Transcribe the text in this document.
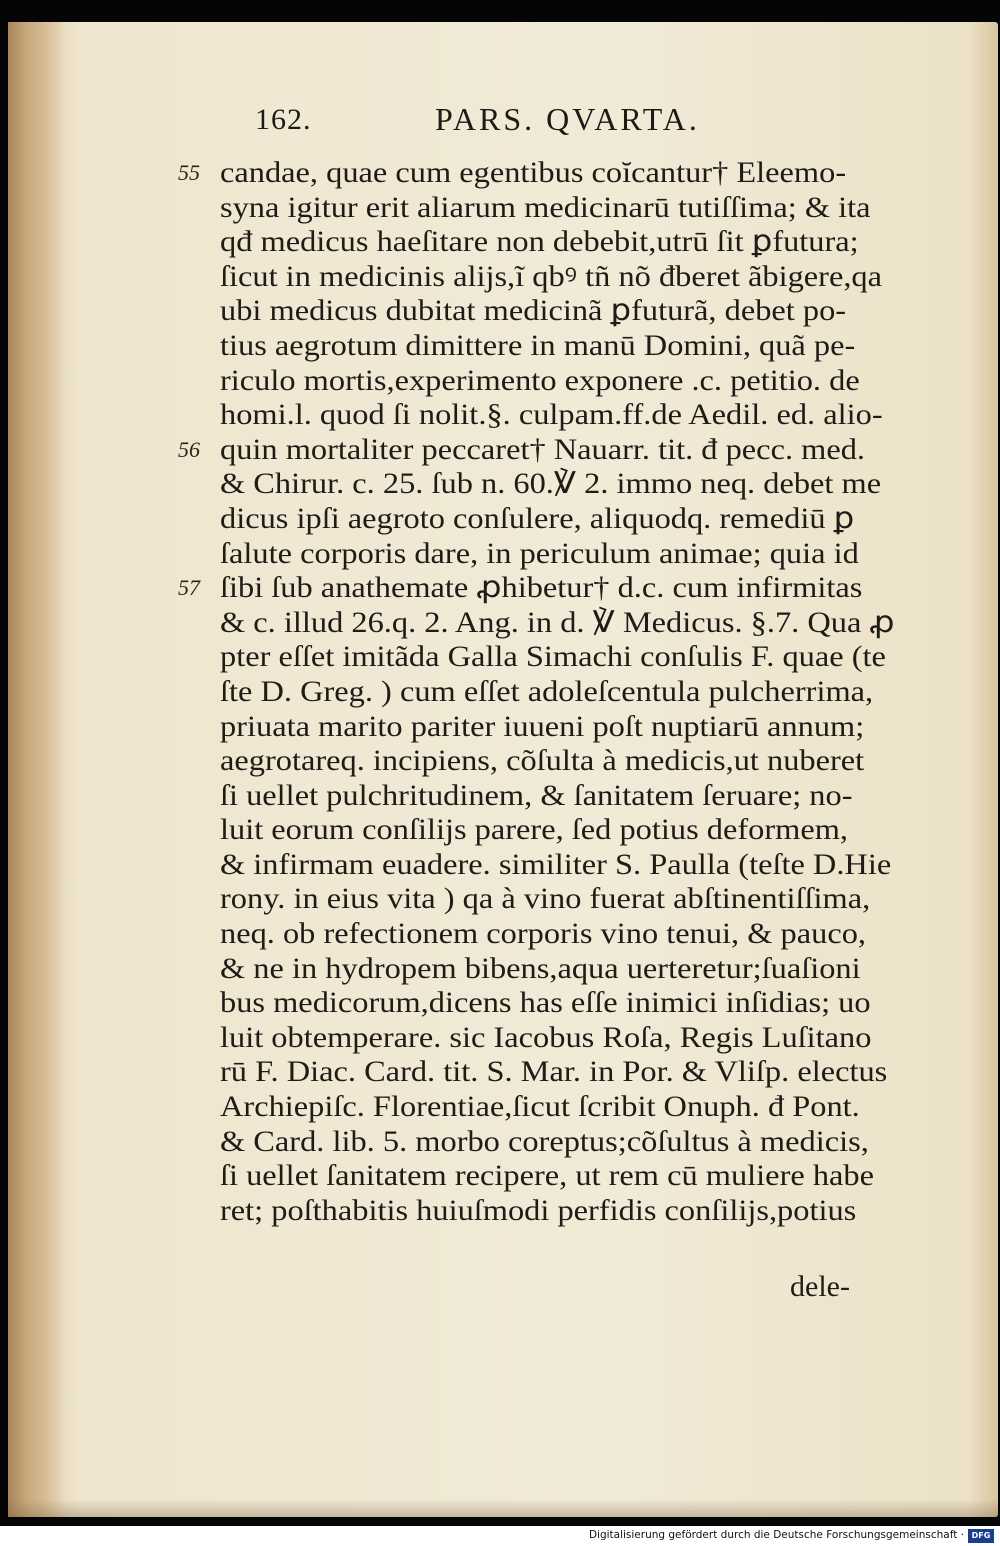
162.	PARS. QVARTA.
55 candae, quae cum egentibus coĭcantur† Eleemo-
syna igitur erit aliarum medicinarū tutiſſima; & ita
qđ medicus haeſitare non debebit,utrū ſit ꝑfutura;
ſicut in medicinis alijs,ĩ qbꝰ tñ nõ đberet ãbigere,qa
ubi medicus dubitat medicinã ꝑfuturã, debet po-
tius aegrotum dimittere in manū Domini, quã pe-
riculo mortis,experimento exponere .c. petitio. de
homi.l. quod ſi nolit.§. culpam.ff.de Aedil. ed. alio-
56 quin mortaliter peccaret† Nauarr. tit. đ pecc. med.
& Chirur. c. 25. ſub n. 60.℣ 2. immo neq. debet me
dicus ipſi aegroto conſulere, aliquodq. remediū ꝑ
ſalute corporis dare, in periculum animae; quia id
57 ſibi ſub anathemate ꝓhibetur† d.c. cum infirmitas
& c. illud 26.q. 2. Ang. in d. ℣ Medicus. §.7. Qua ꝓ
pter eſſet imitãda Galla Simachi conſulis F. quae (te
ſte D. Greg. ) cum eſſet adoleſcentula pulcherrima,
priuata marito pariter iuueni poſt nuptiarū annum;
aegrotareq. incipiens, cõſulta à medicis,ut nuberet
ſi uellet pulchritudinem, & ſanitatem ſeruare; no-
luit eorum conſilijs parere, ſed potius deformem,
& infirmam euadere. similiter S. Paulla (teſte D.Hie
rony. in eius vita ) qa à vino fuerat abſtinentiſſima,
neq. ob refectionem corporis vino tenui, & pauco,
& ne in hydropem bibens,aqua uerteretur;ſuaſioni
bus medicorum,dicens has eſſe inimici inſidias; uo
luit obtemperare. sic Iacobus Roſa, Regis Luſitano
rū F. Diac. Card. tit. S. Mar. in Por. & Vliſp. electus
Archiepiſc. Florentiae,ſicut ſcribit Onuph. đ Pont.
& Card. lib. 5. morbo coreptus;cõſultus à medicis,
ſi uellet ſanitatem recipere, ut rem cū muliere habe
ret; poſthabitis huiuſmodi perfidis conſilijs,potius
dele-
Digitalisierung gefördert durch die Deutsche Forschungsgemeinschaft · DFG
